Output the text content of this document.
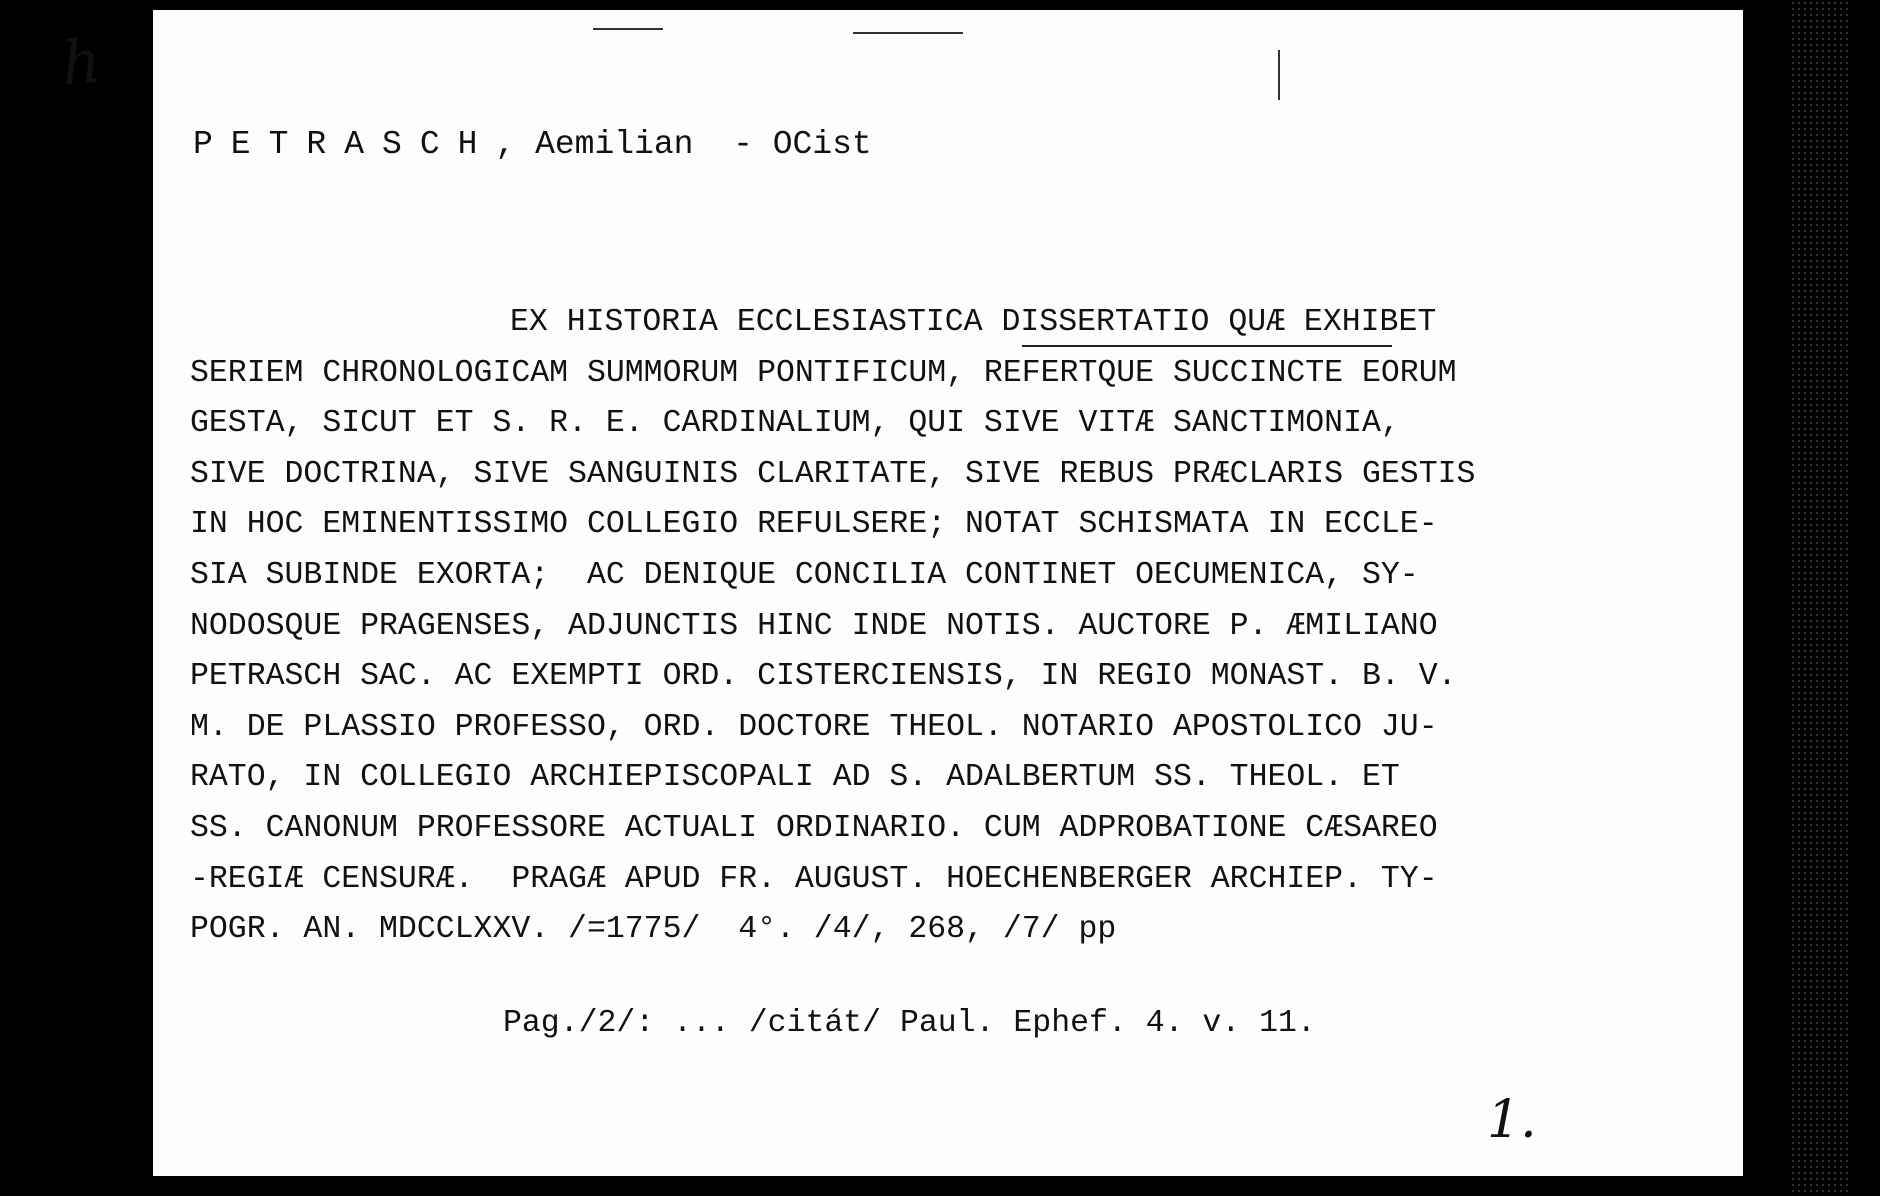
h
PETRASCH, Aemilian - OCist
EX HISTORIA ECCLESIASTICA DISSERTATIO QUÆ EXHIBET
SERIEM CHRONOLOGICAM SUMMORUM PONTIFICUM, REFERTQUE SUCCINCTE EORUM
GESTA, SICUT ET S. R. E. CARDINALIUM, QUI SIVE VITÆ SANCTIMONIA,
SIVE DOCTRINA, SIVE SANGUINIS CLARITATE, SIVE REBUS PRÆCLARIS GESTIS
IN HOC EMINENTISSIMO COLLEGIO REFULSERE; NOTAT SCHISMATA IN ECCLE-
SIA SUBINDE EXORTA;  AC DENIQUE CONCILIA CONTINET OECUMENICA, SY-
NODOSQUE PRAGENSES, ADJUNCTIS HINC INDE NOTIS. AUCTORE P. ÆMILIANO
PETRASCH SAC. AC EXEMPTI ORD. CISTERCIENSIS, IN REGIO MONAST. B. V.
M. DE PLASSIO PROFESSO, ORD. DOCTORE THEOL. NOTARIO APOSTOLICO JU-
RATO, IN COLLEGIO ARCHIEPISCOPALI AD S. ADALBERTUM SS. THEOL. ET
SS. CANONUM PROFESSORE ACTUALI ORDINARIO. CUM ADPROBATIONE CÆSAREO
-REGIÆ CENSURÆ.  PRAGÆ APUD FR. AUGUST. HOECHENBERGER ARCHIEP. TY-
POGR. AN. MDCCLXXV. /=1775/  4°. /4/, 268, /7/ pp
Pag./2/: ... /citát/ Paul. Ephef. 4. v. 11.
1.
